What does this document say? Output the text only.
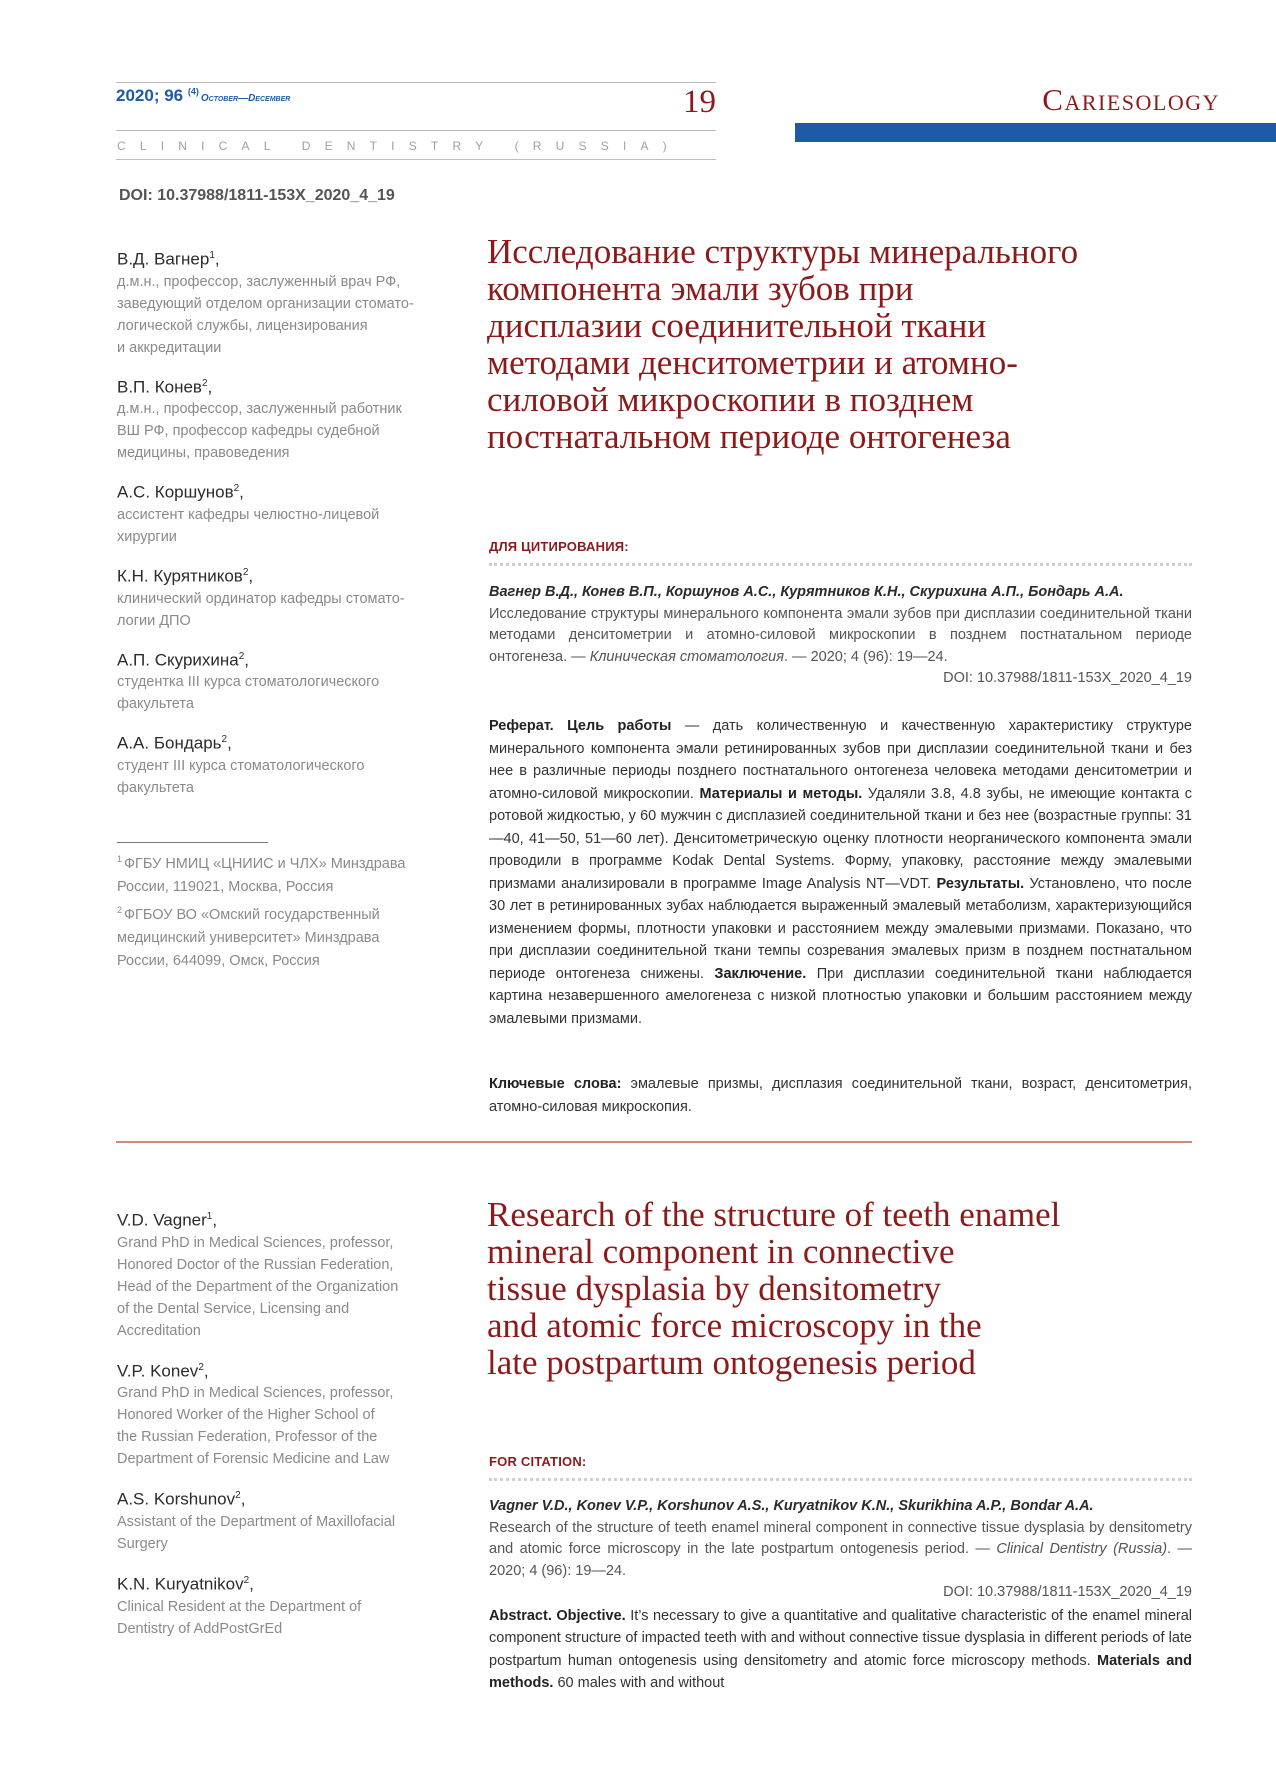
2020; 96 $^{(4)}$October—December	19
CLINICAL DENTISTRY (RUSSIA)
Cariesology
DOI: 10.37988/1811-153X_2020_4_19
В.Д. Вагнер$^1$,
д.м.н., профессор, заслуженный врач РФ,
заведующий отделом организации стомато-
логической службы, лицензирования
и аккредитации
В.П. Конев$^2$,
д.м.н., профессор, заслуженный работник
ВШ РФ, профессор кафедры судебной
медицины, правоведения
А.С. Коршунов$^2$,
ассистент кафедры челюстно-лицевой
хирургии
К.Н. Курятников$^2$,
клинический ординатор кафедры стомато-
логии ДПО
А.П. Скурихина$^2$,
студентка III курса стоматологического
факультета
А.А. Бондарь$^2$,
студент III курса стоматологического
факультета
$^1$ ФГБУ НМИЦ «ЦНИИС и ЧЛХ» Минздрава
России, 119021, Москва, Россия
$^2$ ФГБОУ ВО «Омский государственный
медицинский университет» Минздрава
России, 644099, Омск, Россия
Исследование структуры минерального
компонента эмали зубов при
дисплазии соединительной ткани
методами денситометрии и атомно-
силовой микроскопии в позднем
постнатальном периоде онтогенеза
ДЛЯ ЦИТИРОВАНИЯ:
Вагнер В.Д., Конев В.П., Коршунов А.С., Курятников К.Н., Скурихина А.П., Бондарь А.А.
Исследование структуры минерального компонента эмали зубов при дисплазии соединительной ткани методами денситометрии и атомно-силовой микроскопии в позднем постнатальном периоде онтогенеза. — Клиническая стоматология. — 2020; 4 (96): 19—24.
DOI: 10.37988/1811-153X_2020_4_19
Реферат. Цель работы — дать количественную и качественную характеристику структуре минерального компонента эмали ретинированных зубов при дисплазии соединительной ткани и без нее в различные периоды позднего постнатального онтогенеза человека методами денситометрии и атомно-силовой микроскопии. Материалы и методы. Удаляли 3.8, 4.8 зубы, не имеющие контакта с ротовой жидкостью, у 60 мужчин с дисплазией соединительной ткани и без нее (возрастные группы: 31—40, 41—50, 51—60 лет). Денситометрическую оценку плотности неорганического компонента эмали проводили в программе Kodak Dental Systems. Форму, упаковку, расстояние между эмалевыми призмами анализировали в программе Image Analysis NT—VDT. Результаты. Установлено, что после 30 лет в ретинированных зубах наблюдается выраженный эмалевый метаболизм, характеризующийся изменением формы, плотности упаковки и расстоянием между эмалевыми призмами. Показано, что при дисплазии соединительной ткани темпы созревания эмалевых призм в позднем постнатальном периоде онтогенеза снижены. Заключение. При дисплазии соединительной ткани наблюдается картина незавершенного амелогенеза с низкой плотностью упаковки и большим расстоянием между эмалевыми призмами.
Ключевые слова: эмалевые призмы, дисплазия соединительной ткани, возраст, денситометрия, атомно-силовая микроскопия.
V.D. Vagner$^1$,
Grand PhD in Medical Sciences, professor,
Honored Doctor of the Russian Federation,
Head of the Department of the Organization
of the Dental Service, Licensing and
Accreditation
V.P. Konev$^2$,
Grand PhD in Medical Sciences, professor,
Honored Worker of the Higher School of
the Russian Federation, Professor of the
Department of Forensic Medicine and Law
A.S. Korshunov$^2$,
Assistant of the Department of Maxillofacial
Surgery
K.N. Kuryatnikov$^2$,
Clinical Resident at the Department of
Dentistry of AddPostGrEd
Research of the structure of teeth enamel
mineral component in connective
tissue dysplasia by densitometry
and atomic force microscopy in the
late postpartum ontogenesis period
FOR CITATION:
Vagner V.D., Konev V.P., Korshunov A.S., Kuryatnikov K.N., Skurikhina A.P., Bondar A.A.
Research of the structure of teeth enamel mineral component in connective tissue dysplasia by densitometry and atomic force microscopy in the late postpartum ontogenesis period. — Clinical Dentistry (Russia). — 2020; 4 (96): 19—24.
DOI: 10.37988/1811-153X_2020_4_19
Abstract. Objective. It’s necessary to give a quantitative and qualitative characteristic of the enamel mineral component structure of impacted teeth with and without connective tissue dysplasia in different periods of late postpartum human ontogenesis using densitometry and atomic force microscopy methods. Materials and methods. 60 males with and without
